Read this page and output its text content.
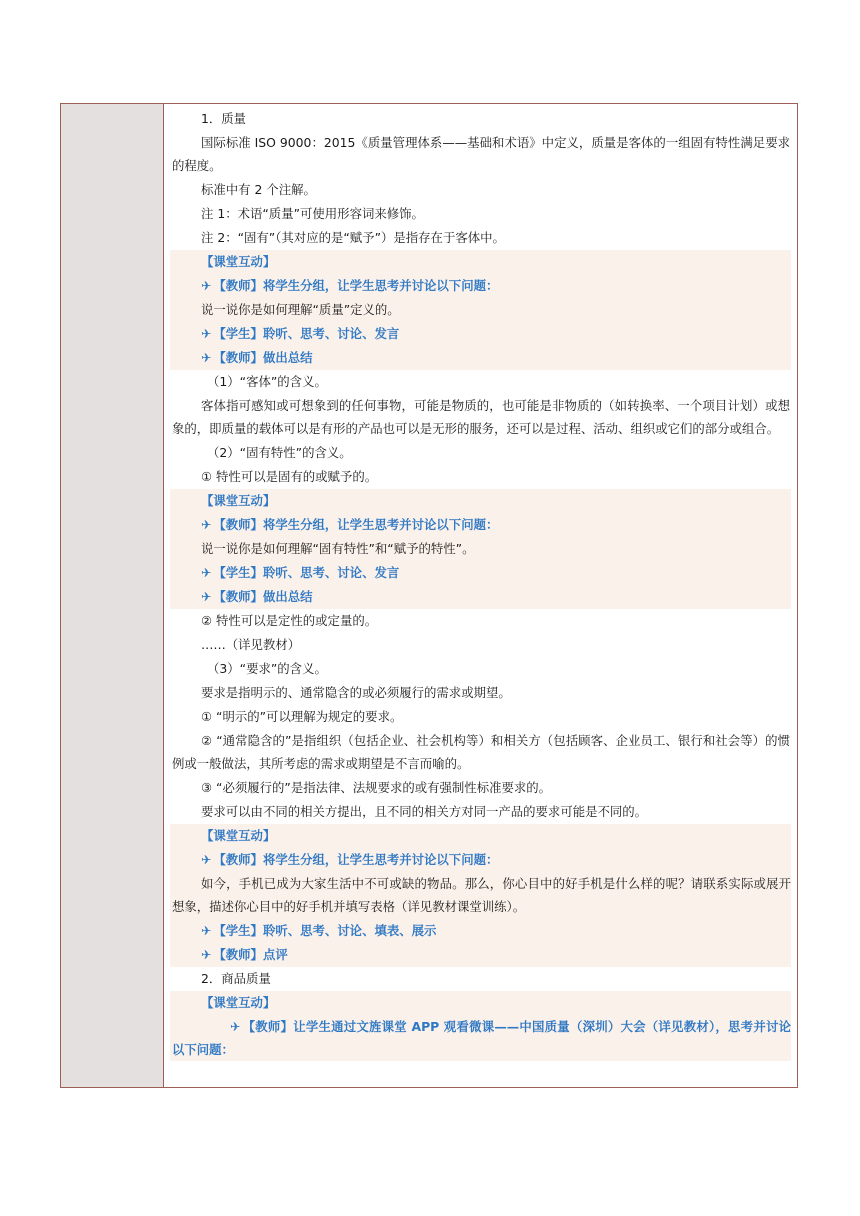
1．质量
国际标准 ISO 9000：2015《质量管理体系——基础和术语》中定义，质量是客体的一组固有特性满足要求的程度。
标准中有 2 个注解。
注 1：术语“质量”可使用形容词来修饰。
注 2：“固有”（其对应的是“赋予”）是指存在于客体中。
【课堂互动】
✈ 【教师】将学生分组，让学生思考并讨论以下问题：
说一说你是如何理解“质量”定义的。
✈ 【学生】聆听、思考、讨论、发言
✈ 【教师】做出总结
（1）“客体”的含义。
客体指可感知或可想象到的任何事物，可能是物质的，也可能是非物质的（如转换率、一个项目计划）或想象的，即质量的载体可以是有形的产品也可以是无形的服务，还可以是过程、活动、组织或它们的部分或组合。
（2）“固有特性”的含义。
① 特性可以是固有的或赋予的。
【课堂互动】
✈ 【教师】将学生分组，让学生思考并讨论以下问题：
说一说你是如何理解“固有特性”和“赋予的特性”。
✈ 【学生】聆听、思考、讨论、发言
✈ 【教师】做出总结
② 特性可以是定性的或定量的。
……（详见教材）
（3）“要求”的含义。
要求是指明示的、通常隐含的或必须履行的需求或期望。
① “明示的”可以理解为规定的要求。
② “通常隐含的”是指组织（包括企业、社会机构等）和相关方（包括顾客、企业员工、银行和社会等）的惯例或一般做法，其所考虑的需求或期望是不言而喻的。
③ “必须履行的”是指法律、法规要求的或有强制性标准要求的。
要求可以由不同的相关方提出，且不同的相关方对同一产品的要求可能是不同的。
【课堂互动】
✈ 【教师】将学生分组，让学生思考并讨论以下问题：
如今，手机已成为大家生活中不可或缺的物品。那么，你心目中的好手机是什么样的呢？请联系实际或展开想象，描述你心目中的好手机并填写表格（详见教材课堂训练）。
✈ 【学生】聆听、思考、讨论、填表、展示
✈ 【教师】点评
2．商品质量
【课堂互动】
✈ 【教师】让学生通过文旌课堂 APP 观看微课——中国质量（深圳）大会（详见教材），思考并讨论以下问题：
